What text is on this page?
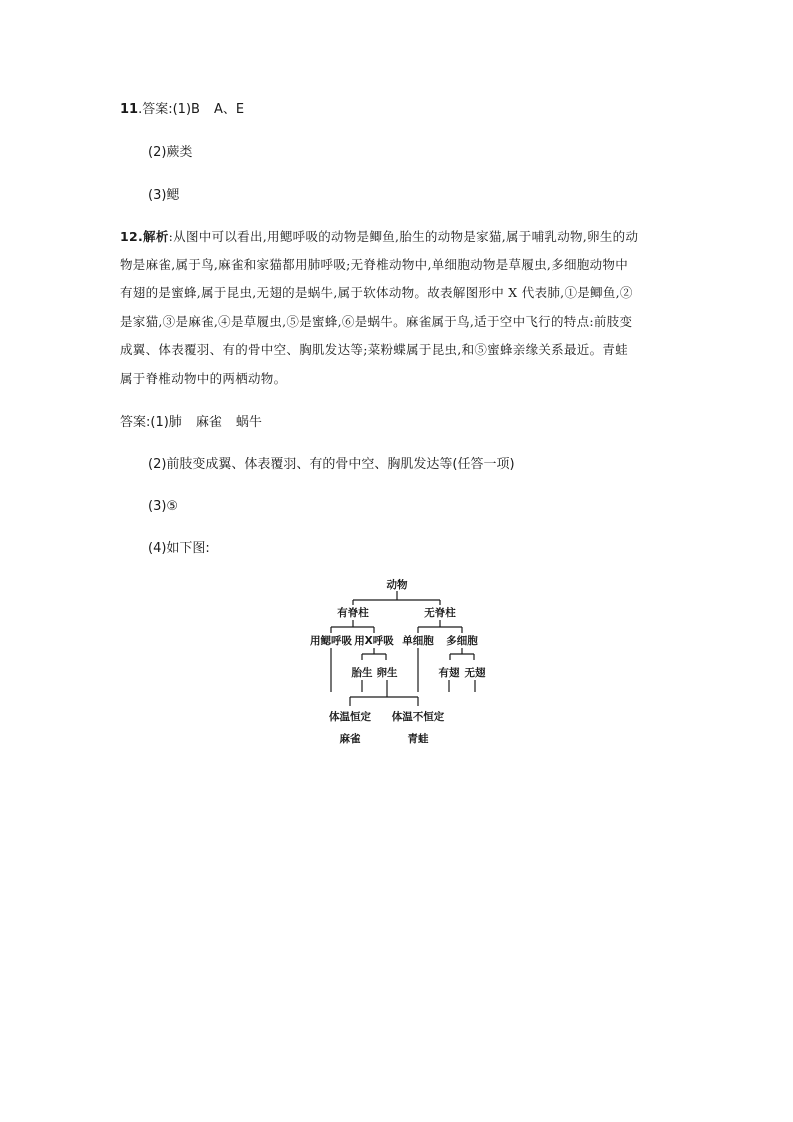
11.答案:(1)B A、E
(2)蕨类
(3)鳃
12.解析:从图中可以看出,用鳃呼吸的动物是鲫鱼,胎生的动物是家猫,属于哺乳动物,卵生的动
物是麻雀,属于鸟,麻雀和家猫都用肺呼吸;无脊椎动物中,单细胞动物是草履虫,多细胞动物中
有翅的是蜜蜂,属于昆虫,无翅的是蜗牛,属于软体动物。故表解图形中 X 代表肺,①是鲫鱼,②
是家猫,③是麻雀,④是草履虫,⑤是蜜蜂,⑥是蜗牛。麻雀属于鸟,适于空中飞行的特点:前肢变
成翼、体表覆羽、有的骨中空、胸肌发达等;菜粉蝶属于昆虫,和⑤蜜蜂亲缘关系最近。青蛙
属于脊椎动物中的两栖动物。
答案:(1)肺 麻雀 蜗牛
(2)前肢变成翼、体表覆羽、有的骨中空、胸肌发达等(任答一项)
(3)⑤
(4)如下图:
动物
有脊柱	无脊柱
用鳃呼吸 用X呼吸 单细胞 多细胞
胎生 卵生	有翅 无翅
体温恒定 体温不恒定
麻雀	青蛙
